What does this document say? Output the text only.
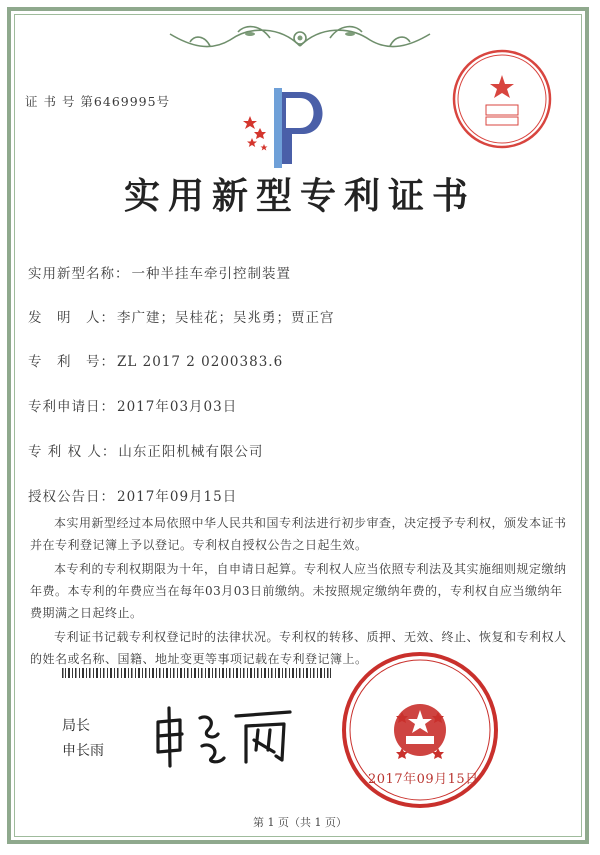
证 书 号 第6469995号
实用新型专利证书
实用新型名称： 一种半挂车牵引控制装置
发　明　人： 李广建；吴桂花；吴兆勇；贾正宫
专　利　号： ZL 2017 2 0200383.6
专利申请日： 2017年03月03日
专 利 权 人： 山东正阳机械有限公司
授权公告日： 2017年09月15日

本实用新型经过本局依照中华人民共和国专利法进行初步审查，决定授予专利权，颁发本证书并在专利登记簿上予以登记。专利权自授权公告之日起生效。

本专利的专利权期限为十年，自申请日起算。专利权人应当依照专利法及其实施细则规定缴纳年费。本专利的年费应当在每年03月03日前缴纳。未按照规定缴纳年费的，专利权自应当缴纳年费期满之日起终止。

专利证书记载专利权登记时的法律状况。专利权的转移、质押、无效、终止、恢复和专利权人的姓名或名称、国籍、地址变更等事项记载在专利登记簿上。

局长
申长雨
2017年09月15日
第 1 页（共 1 页）
